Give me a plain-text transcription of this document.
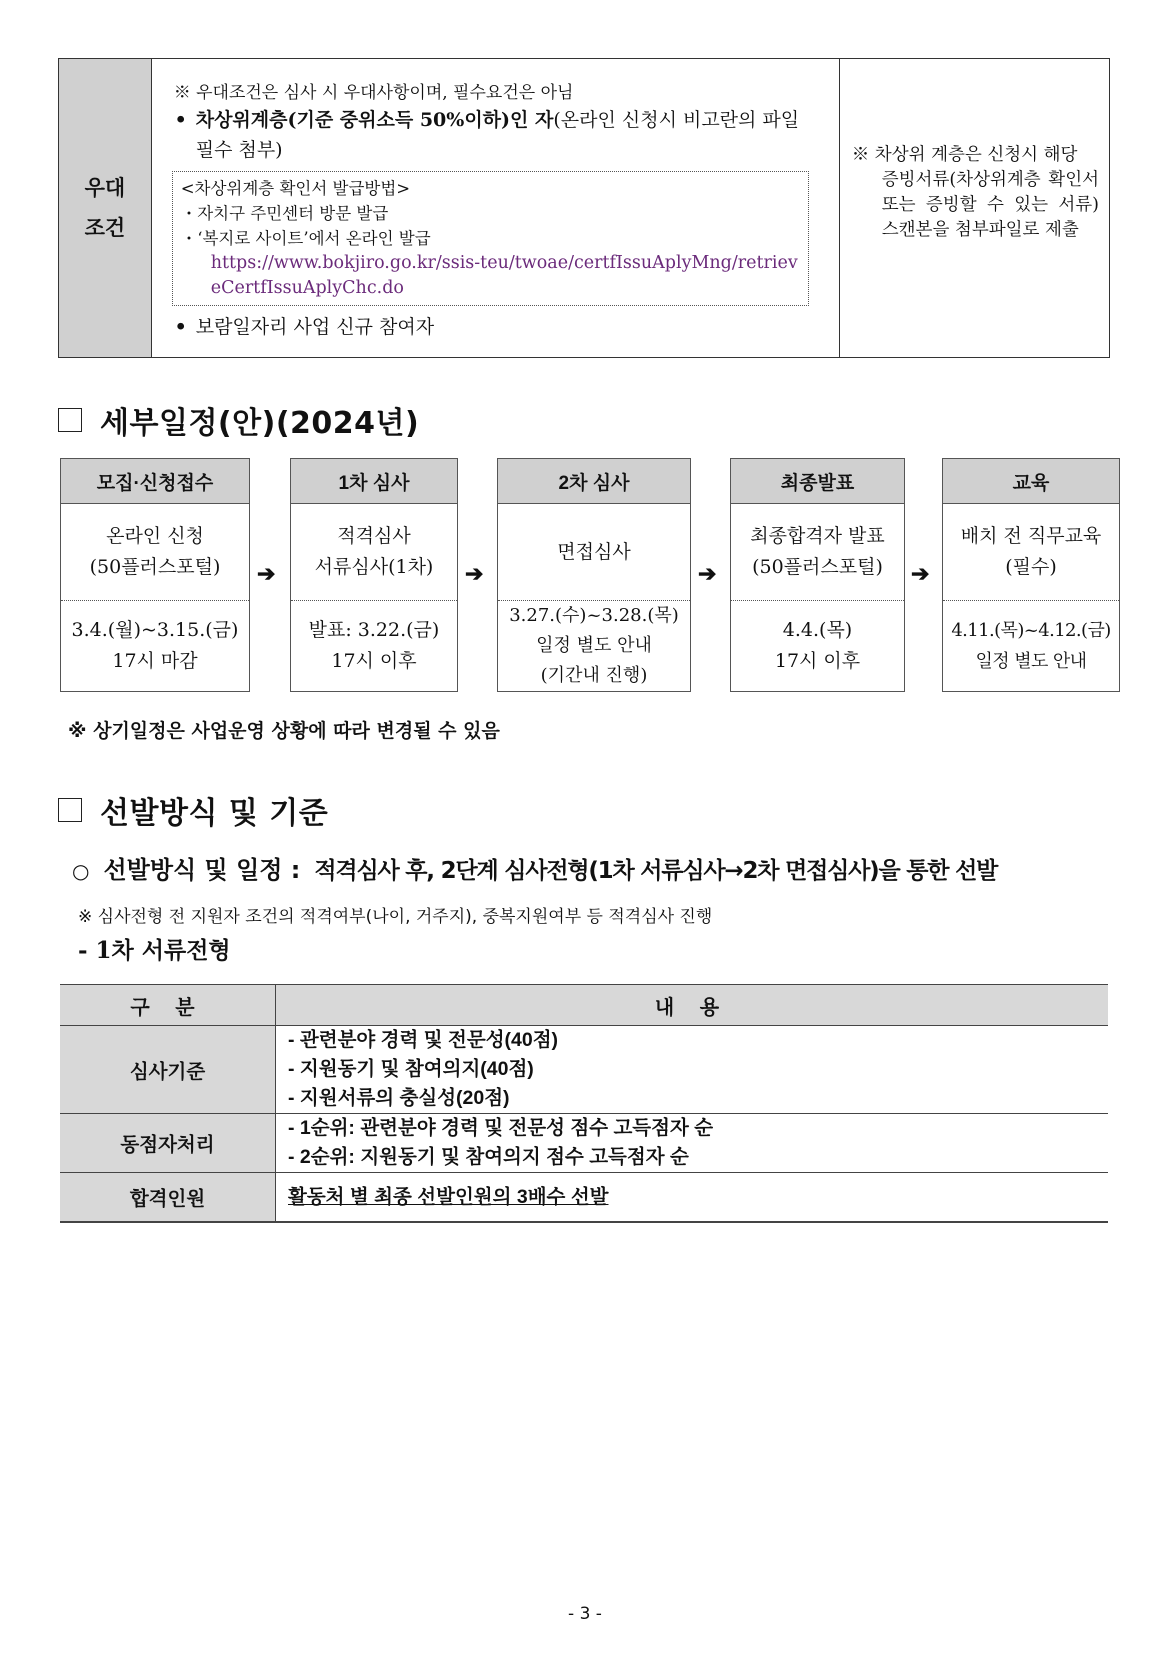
우대
조건
※ 우대조건은 심사 시 우대사항이며, 필수요건은 아님
• 차상위계층(기준 중위소득 50%이하)인 자(온라인 신청시 비고란의 파일
필수 첨부)
<차상위계층 확인서 발급방법>
・자치구 주민센터 방문 발급
・‘복지로 사이트’에서 온라인 발급
https://www.bokjiro.go.kr/ssis-teu/twoae/certfIssuAplyMng/retrieveCertfIssuAplyChc.do
• 보람일자리 사업 신규 참여자
※ 차상위 계층은 신청시 해당
증빙서류(차상위계층 확인서 또는 증빙할 수 있는 서류) 스캔본을 첨부파일로 제출
세부일정(안)(2024년)
모집·신청접수
온라인 신청
(50플러스포털)
3.4.(월)~3.15.(금)
17시 마감
➔
1차 심사
적격심사
서류심사(1차)
발표: 3.22.(금)
17시 이후
➔
2차 심사
면접심사
3.27.(수)~3.28.(목)
일정 별도 안내
(기간내 진행)
➔
최종발표
최종합격자 발표
(50플러스포털)
4.4.(목)
17시 이후
➔
교육
배치 전 직무교육
(필수)
4.11.(목)~4.12.(금)
일정 별도 안내
※ 상기일정은 사업운영 상황에 따라 변경될 수 있음
선발방식 및 기준
○ 선발방식 및 일정 : 적격심사 후, 2단계 심사전형(1차 서류심사→2차 면접심사)을 통한 선발
※ 심사전형 전 지원자 조건의 적격여부(나이, 거주지), 중복지원여부 등 적격심사 진행
- 1차 서류전형
구 분	내 용
심사기준	- 관련분야 경력 및 전문성(40점)
- 지원동기 및 참여의지(40점)
- 지원서류의 충실성(20점)

동점자처리	- 1순위: 관련분야 경력 및 전문성 점수 고득점자 순
- 2순위: 지원동기 및 참여의지 점수 고득점자 순

합격인원	활동처 별 최종 선발인원의 3배수 선발
- 3 -
